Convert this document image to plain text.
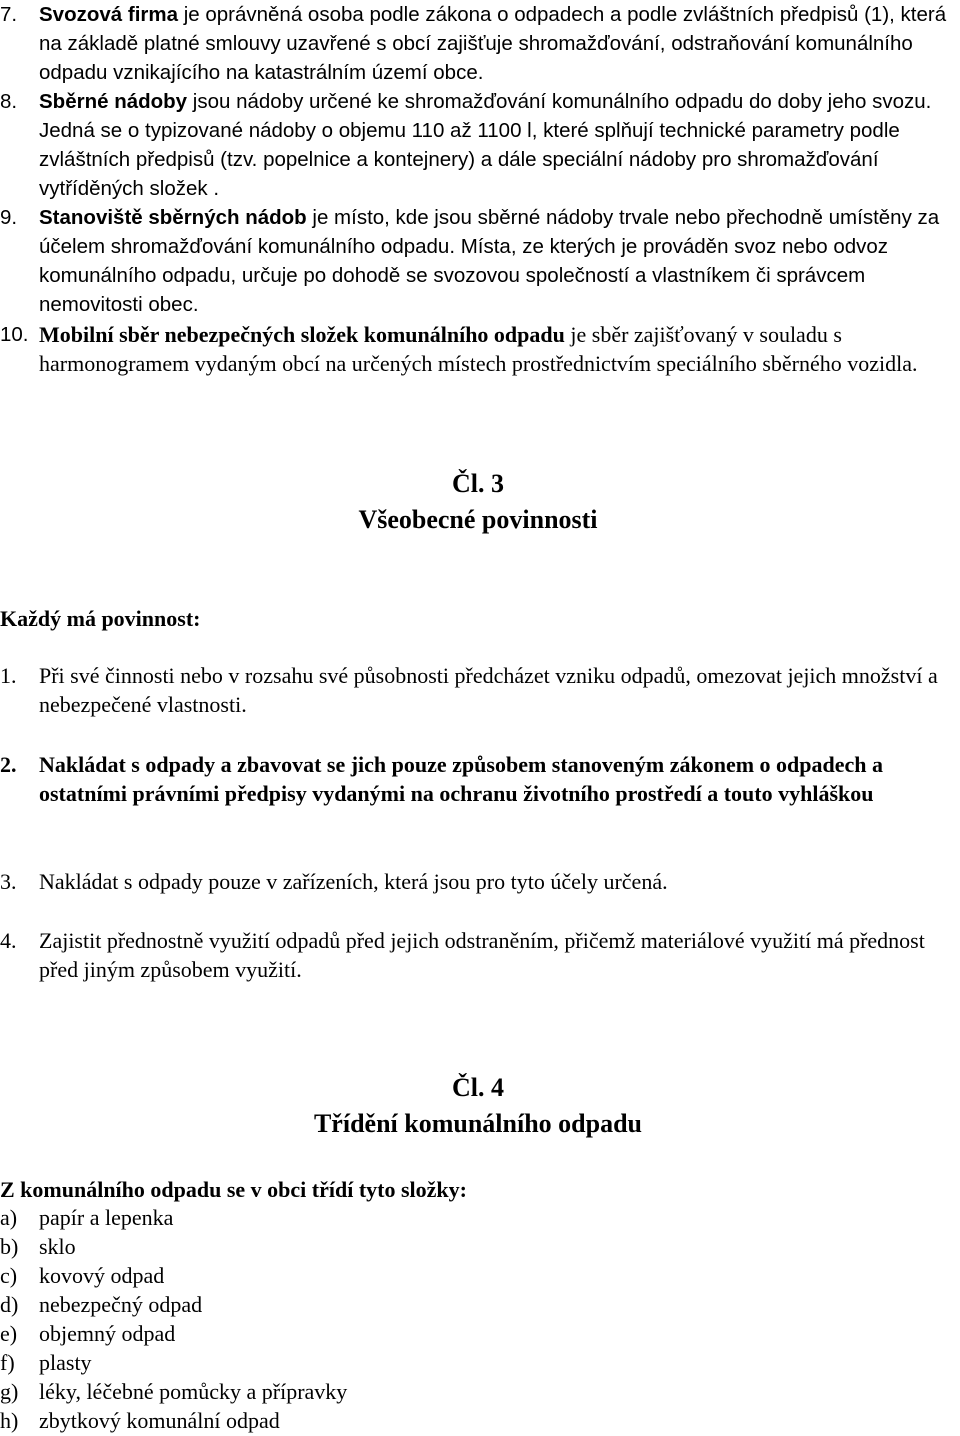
7. Svozová firma je oprávněná osoba podle zákona o odpadech a podle zvláštních předpisů (1), která na základě platné smlouvy uzavřené s obcí zajišťuje shromažďování, odstraňování komunálního odpadu vznikajícího na katastrálním území obce.
8. Sběrné nádoby jsou nádoby určené ke shromažďování komunálního odpadu do doby jeho svozu. Jedná se o typizované nádoby o objemu 110 až 1100 l, které splňují technické parametry podle zvláštních předpisů (tzv. popelnice a kontejnery) a dále speciální nádoby pro shromažďování vytříděných složek .
9. Stanoviště sběrných nádob je místo, kde jsou sběrné nádoby trvale nebo přechodně umístěny za účelem shromažďování komunálního odpadu. Místa, ze kterých je prováděn svoz nebo odvoz komunálního odpadu, určuje po dohodě se svozovou společností a vlastníkem či správcem nemovitosti obec.
10. Mobilní sběr nebezpečných složek komunálního odpadu je sběr zajišťovaný v souladu s harmonogramem vydaným obcí na určených místech prostřednictvím speciálního sběrného vozidla.
Čl. 3
Všeobecné povinnosti
Každý má povinnost:
1. Při své činnosti nebo v rozsahu své působnosti předcházet vzniku odpadů, omezovat jejich množství a nebezpečené vlastnosti.
2. Nakládat s odpady a zbavovat se jich pouze způsobem stanoveným zákonem o odpadech a ostatními právními předpisy vydanými na ochranu životního prostředí a touto vyhláškou
3. Nakládat s odpady pouze v zařízeních, která jsou pro tyto účely určená.
4. Zajistit přednostně využití odpadů před jejich odstraněním, přičemž materiálové využití má přednost před jiným způsobem využití.
Čl. 4
Třídění komunálního odpadu
Z komunálního odpadu se v obci třídí tyto složky:
a) papír a lepenka
b) sklo
c) kovový odpad
d) nebezpečný odpad
e) objemný odpad
f) plasty
g) léky, léčebné pomůcky a přípravky
h) zbytkový komunální odpad
